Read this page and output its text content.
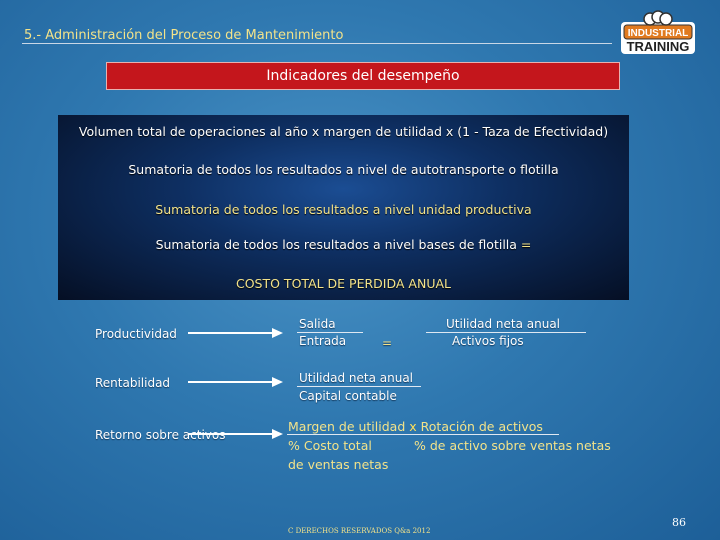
5.- Administración del Proceso de Mantenimiento	INDUSTRIAL
TRAINING
Indicadores del desempeño
Volumen total de operaciones al año x margen de utilidad x (1 - Taza de Efectividad)
Sumatoria de todos los resultados a nivel de autotransporte o flotilla
Sumatoria de todos los resultados a nivel unidad productiva
Sumatoria de todos los resultados a nivel bases de flotilla =
COSTO TOTAL DE PERDIDA ANUAL
Productividad
Salida
Entrada	=
Utilidad neta anual
Activos fijos
Rentabilidad	Utilidad neta anual
Capital contable
Retorno sobre activos
Margen de utilidad x Rotación de activos
% Costo total	% de activo sobre ventas netas
de ventas netas
C DERECHOS RESERVADOS Q&a 2012
86
